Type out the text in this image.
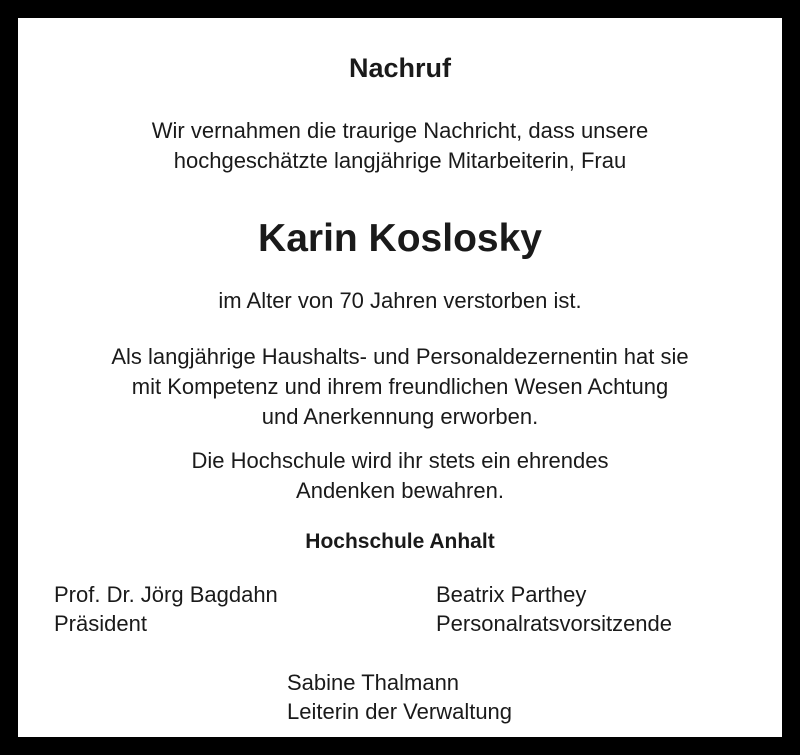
Nachruf
Wir vernahmen die traurige Nachricht, dass unsere
hochgeschätzte langjährige Mitarbeiterin, Frau
Karin Koslosky
im Alter von 70 Jahren verstorben ist.
Als langjährige Haushalts- und Personaldezernentin hat sie
mit Kompetenz und ihrem freundlichen Wesen Achtung
und Anerkennung erworben.
Die Hochschule wird ihr stets ein ehrendes
Andenken bewahren.
Hochschule Anhalt
Prof. Dr. Jörg Bagdahn
Präsident
Beatrix Parthey
Personalratsvorsitzende
Sabine Thalmann
Leiterin der Verwaltung
